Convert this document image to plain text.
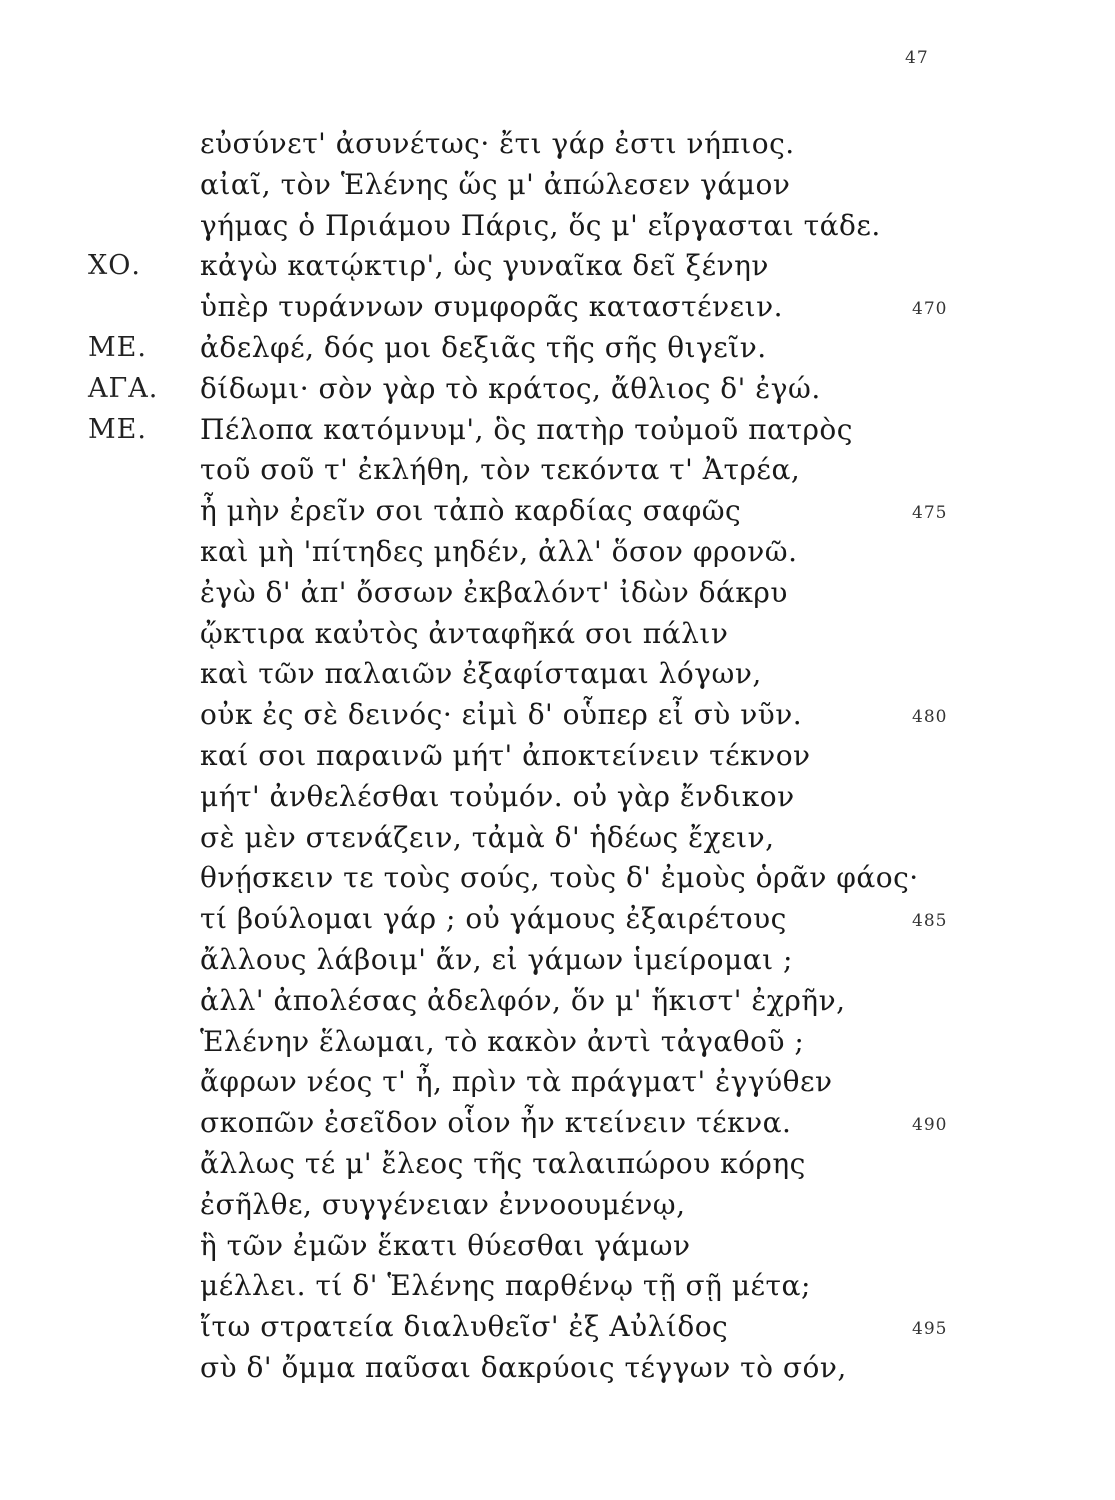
47
εὐσύνετ' ἀσυνέτως· ἔτι γάρ ἐστι νήπιος.
αἰαῖ, τὸν Ἑλένης ὥς μ' ἀπώλεσεν γάμον
γήμας ὁ Πριάμου Πάρις, ὅς μ' εἴργασται τάδε.
ΧΟ. κἀγὼ κατῴκτιρ', ὡς γυναῖκα δεῖ ξένην
ὑπὲρ τυράννων συμφορᾶς καταστένειν.	470
ΜΕ. ἀδελφέ, δός μοι δεξιᾶς τῆς σῆς θιγεῖν.
ΑΓΑ. δίδωμι· σὸν γὰρ τὸ κράτος, ἄθλιος δ' ἐγώ.
ΜΕ. Πέλοπα κατόμνυμ', ὃς πατὴρ τοὐμοῦ πατρὸς
τοῦ σοῦ τ' ἐκλήθη, τὸν τεκόντα τ' Ἀτρέα,
ἦ μὴν ἐρεῖν σοι τἀπὸ καρδίας σαφῶς	475
καὶ μὴ 'πίτηδες μηδέν, ἀλλ' ὅσον φρονῶ.
ἐγὼ δ' ἀπ' ὄσσων ἐκβαλόντ' ἰδὼν δάκρυ
ᾤκτιρα καὐτὸς ἀνταφῆκά σοι πάλιν
καὶ τῶν παλαιῶν ἐξαφίσταμαι λόγων,
οὐκ ἐς σὲ δεινός· εἰμὶ δ' οὗπερ εἶ σὺ νῦν.	480
καί σοι παραινῶ μήτ' ἀποκτείνειν τέκνον
μήτ' ἀνθελέσθαι τοὐμόν. οὐ γὰρ ἔνδικον
σὲ μὲν στενάζειν, τἀμὰ δ' ἡδέως ἔχειν,
θνῄσκειν τε τοὺς σούς, τοὺς δ' ἐμοὺς ὁρᾶν φάος·
τί βούλομαι γάρ ; οὐ γάμους ἐξαιρέτους	485
ἄλλους λάβοιμ' ἄν, εἰ γάμων ἱμείρομαι ;
ἀλλ' ἀπολέσας ἀδελφόν, ὅν μ' ἥκιστ' ἐχρῆν,
Ἑλένην ἕλωμαι, τὸ κακὸν ἀντὶ τἀγαθοῦ ;
ἄφρων νέος τ' ἦ, πρὶν τὰ πράγματ' ἐγγύθεν
σκοπῶν ἐσεῖδον οἷον ἦν κτείνειν τέκνα.	490
ἄλλως τέ μ' ἔλεος τῆς ταλαιπώρου κόρης
ἐσῆλθε, συγγένειαν ἐννοουμένῳ,
ἣ τῶν ἐμῶν ἕκατι θύεσθαι γάμων
μέλλει. τί δ' Ἑλένης παρθένῳ τῇ σῇ μέτα;
ἴτω στρατεία διαλυθεῖσ' ἐξ Αὐλίδος	495
σὺ δ' ὄμμα παῦσαι δακρύοις τέγγων τὸ σόν,
